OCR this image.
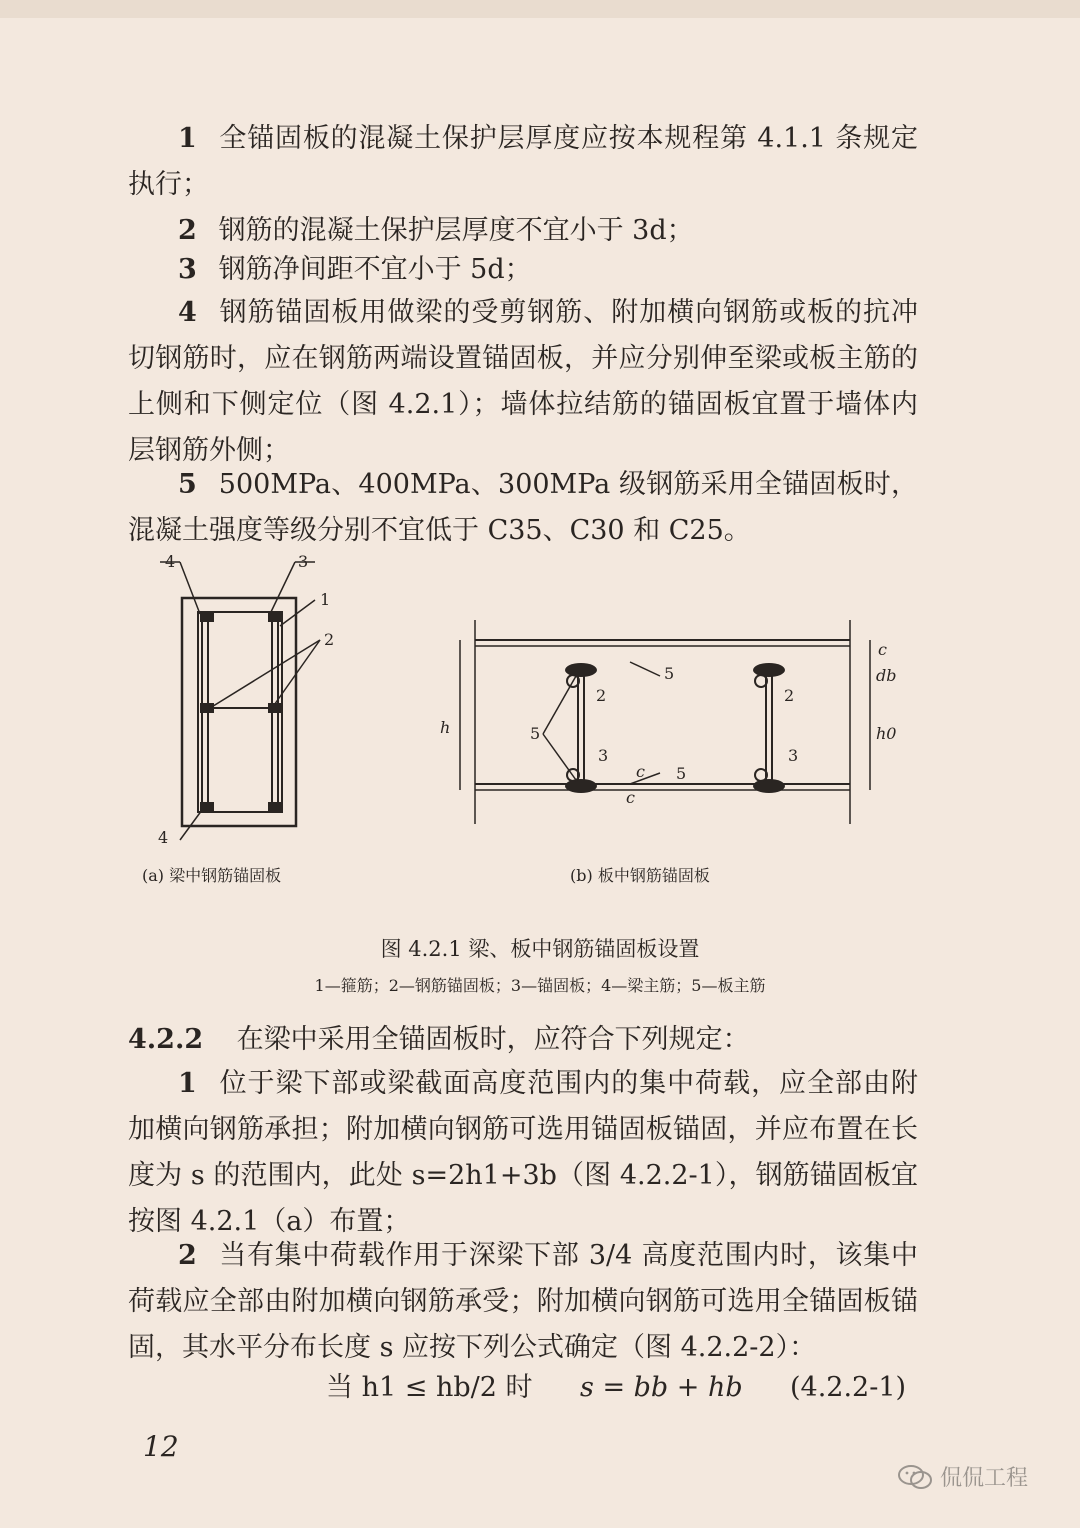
1 全锚固板的混凝土保护层厚度应按本规程第 4.1.1 条规定执行；

2 钢筋的混凝土保护层厚度不宜小于 3d；

3 钢筋净间距不宜小于 5d；

4 钢筋锚固板用做梁的受剪钢筋、附加横向钢筋或板的抗冲切钢筋时，应在钢筋两端设置锚固板，并应分别伸至梁或板主筋的上侧和下侧定位（图 4.2.1）；墙体拉结筋的锚固板宜置于墙体内层钢筋外侧；

5 500MPa、400MPa、300MPa 级钢筋采用全锚固板时，混凝土强度等级分别不宜低于 C35、C30 和 C25。

4	3
1
2
4
5
2	2
5
3	3
5
h	h0
c
db
c
c
(a) 梁中钢筋锚固板	(b) 板中钢筋锚固板
图 4.2.1 梁、板中钢筋锚固板设置
1—箍筋；2—钢筋锚固板；3—锚固板；4—梁主筋；5—板主筋

4.2.2 在梁中采用全锚固板时，应符合下列规定：

1 位于梁下部或梁截面高度范围内的集中荷载，应全部由附加横向钢筋承担；附加横向钢筋可选用锚固板锚固，并应布置在长度为 s 的范围内，此处 s=2h1+3b（图 4.2.2-1），钢筋锚固板宜按图 4.2.1（a）布置；

2 当有集中荷载作用于深梁下部 3/4 高度范围内时，该集中荷载应全部由附加横向钢筋承受；附加横向钢筋可选用全锚固板锚固，其水平分布长度 s 应按下列公式确定（图 4.2.2-2）：

当 h1 ≤ hb/2 时 s = bb + hb (4.2.2-1)
12
侃侃工程
